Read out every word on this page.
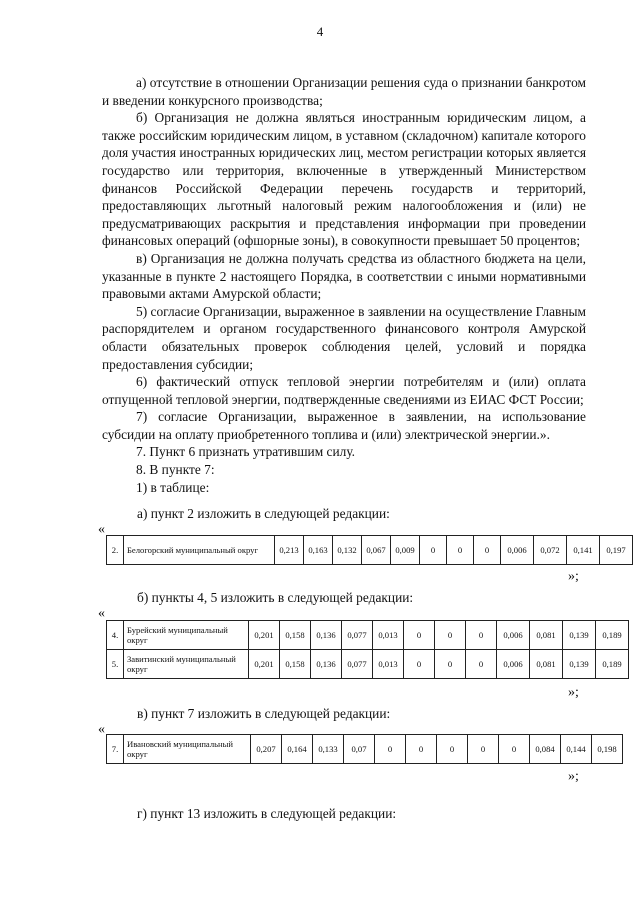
4

а) отсутствие в отношении Организации решения суда о признании банкротом и введении конкурсного производства;

б) Организация не должна являться иностранным юридическим лицом, а также российским юридическим лицом, в уставном (складочном) капитале которого доля участия иностранных юридических лиц, местом регистрации которых является государство или территория, включенные в утвержденный Министерством финансов Российской Федерации перечень государств и территорий, предоставляющих льготный налоговый режим налогообложения и (или) не предусматривающих раскрытия и представления информации при проведении финансовых операций (офшорные зоны), в совокупности превышает 50 процентов;

в) Организация не должна получать средства из областного бюджета на цели, указанные в пункте 2 настоящего Порядка, в соответствии с иными нормативными правовыми актами Амурской области;

5) согласие Организации, выраженное в заявлении на осуществление Главным распорядителем и органом государственного финансового контроля Амурской области обязательных проверок соблюдения целей, условий и порядка предоставления субсидии;

6) фактический отпуск тепловой энергии потребителям и (или) оплата отпущенной тепловой энергии, подтвержденные сведениями из ЕИАС ФСТ России;

7) согласие Организации, выраженное в заявлении, на использование субсидии на оплату приобретенного топлива и (или) электрической энергии.».

7. Пункт 6 признать утратившим силу.

8. В пункте 7:

1) в таблице:

а) пункт 2 изложить в следующей редакции:
«
2.	Белогорский муниципальный округ	0,213	0,163	0,132	0,067	0,009	0	0	0	0,006	0,072	0,141	0,197
»;
б) пункты 4, 5 изложить в следующей редакции:
«
4.	Бурейский муниципальный округ	0,201	0,158	0,136	0,077	0,013	0	0	0	0,006	0,081	0,139	0,189
5.	Завитинский муниципальный округ	0,201	0,158	0,136	0,077	0,013	0	0	0	0,006	0,081	0,139	0,189
»;
в) пункт 7 изложить в следующей редакции:
«
7.	Ивановский муниципальный округ	0,207	0,164	0,133	0,07	0	0	0	0	0	0,084	0,144	0,198
»;
г) пункт 13 изложить в следующей редакции:
